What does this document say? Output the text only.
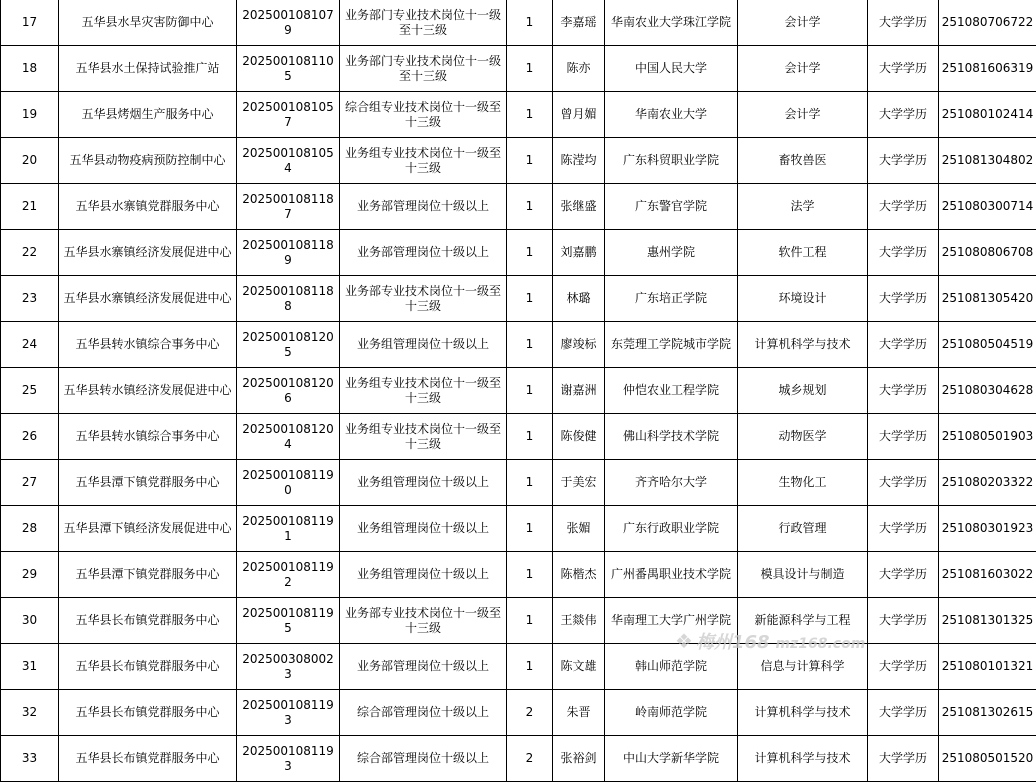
17	五华县水旱灾害防御中心	2025001081079	业务部门专业技术岗位十一级至十三级	1	李嘉瑶	华南农业大学珠江学院	会计学	大学学历	251080706722
18	五华县水土保持试验推广站	2025001081105	业务部门专业技术岗位十一级至十三级	1	陈亦	中国人民大学	会计学	大学学历	251081606319
19	五华县烤烟生产服务中心	2025001081057	综合组专业技术岗位十一级至十三级	1	曾月媚	华南农业大学	会计学	大学学历	251080102414
20	五华县动物疫病预防控制中心	2025001081054	业务组专业技术岗位十一级至十三级	1	陈滢均	广东科贸职业学院	畜牧兽医	大学学历	251081304802
21	五华县水寨镇党群服务中心	2025001081187	业务部管理岗位十级以上	1	张继盛	广东警官学院	法学	大学学历	251080300714
22	五华县水寨镇经济发展促进中心	2025001081189	业务部管理岗位十级以上	1	刘嘉鹏	惠州学院	软件工程	大学学历	251080806708
23	五华县水寨镇经济发展促进中心	2025001081188	业务部专业技术岗位十一级至十三级	1	林璐	广东培正学院	环境设计	大学学历	251081305420
24	五华县转水镇综合事务中心	2025001081205	业务组管理岗位十级以上	1	廖竣标	东莞理工学院城市学院	计算机科学与技术	大学学历	251080504519
25	五华县转水镇经济发展促进中心	2025001081206	业务组专业技术岗位十一级至十三级	1	谢嘉洲	仲恺农业工程学院	城乡规划	大学学历	251080304628
26	五华县转水镇综合事务中心	2025001081204	业务组专业技术岗位十一级至十三级	1	陈俊健	佛山科学技术学院	动物医学	大学学历	251080501903
27	五华县潭下镇党群服务中心	2025001081190	业务组管理岗位十级以上	1	于美宏	齐齐哈尔大学	生物化工	大学学历	251080203322
28	五华县潭下镇经济发展促进中心	2025001081191	业务组管理岗位十级以上	1	张媚	广东行政职业学院	行政管理	大学学历	251080301923
29	五华县潭下镇党群服务中心	2025001081192	业务组管理岗位十级以上	1	陈楷杰	广州番禺职业技术学院	模具设计与制造	大学学历	251081603022
30	五华县长布镇党群服务中心	2025001081195	业务部专业技术岗位十一级至十三级	1	王燚伟	华南理工大学广州学院	新能源科学与工程	大学学历	251081301325
31	五华县长布镇党群服务中心	2025003080023	业务部管理岗位十级以上	1	陈文雄	韩山师范学院	信息与计算科学	大学学历	251080101321
32	五华县长布镇党群服务中心	2025001081193	综合部管理岗位十级以上	2	朱晋	岭南师范学院	计算机科学与技术	大学学历	251081302615
33	五华县长布镇党群服务中心	2025001081193	综合部管理岗位十级以上	2	张裕剑	中山大学新华学院	计算机科学与技术	大学学历	251080501520
❖ 梅州168 mz168.com
